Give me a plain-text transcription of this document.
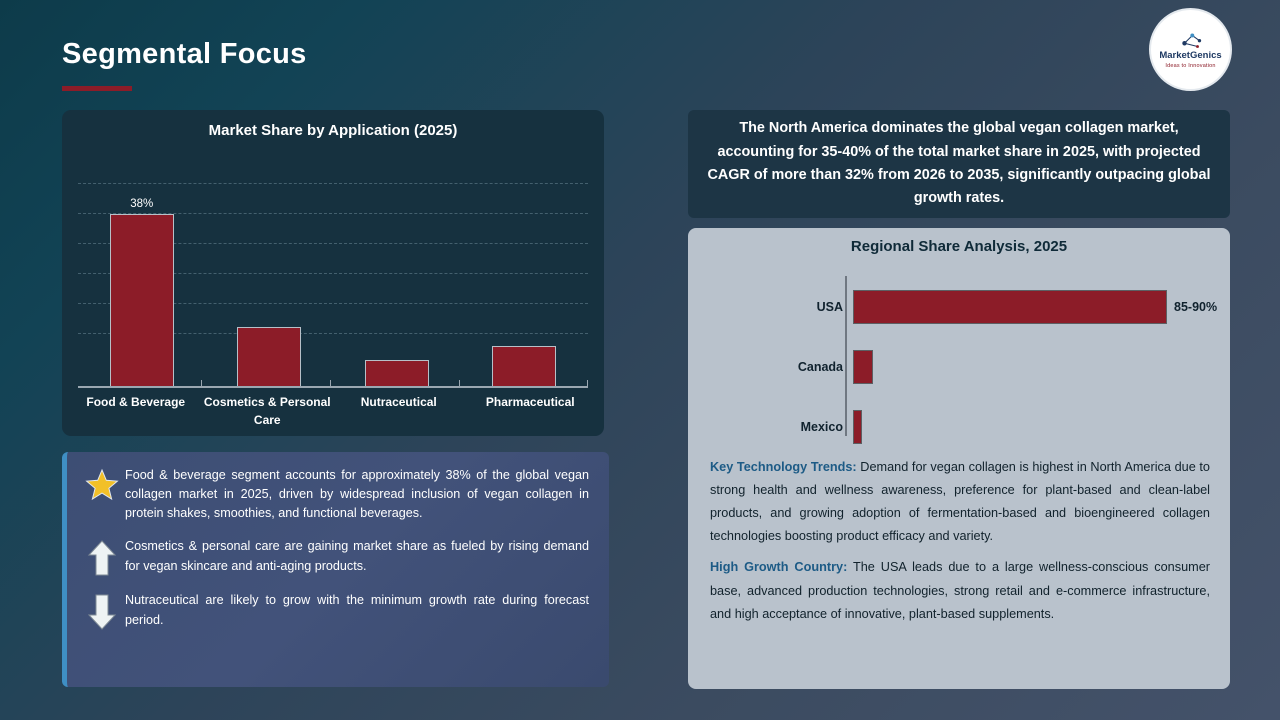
Segmental Focus	MarketGenics
Ideas to Innovation
Market Share by Application (2025)
38%
Food & Beverage	Cosmetics & Personal Care
Nutraceutical	Pharmaceutical
Food & beverage segment accounts for approximately 38% of the global vegan collagen market in 2025, driven by widespread inclusion of vegan collagen in protein shakes, smoothies, and functional beverages.
Cosmetics & personal care are gaining market share as fueled by rising demand for vegan skincare and anti-aging products.
Nutraceutical are likely to grow with the minimum growth rate during forecast period.
The North America dominates the global vegan collagen market, accounting for 35-40% of the total market share in 2025, with projected CAGR of more than 32% from 2026 to 2035, significantly outpacing global growth rates.
Regional Share Analysis, 2025
USA	85-90%
Canada
Mexico
Key Technology Trends: Demand for vegan collagen is highest in North America due to strong health and wellness awareness, preference for plant-based and clean-label products, and growing adoption of fermentation-based and bioengineered collagen technologies boosting product efficacy and variety.
High Growth Country: The USA leads due to a large wellness-conscious consumer base, advanced production technologies, strong retail and e-commerce infrastructure, and high acceptance of innovative, plant-based supplements.
